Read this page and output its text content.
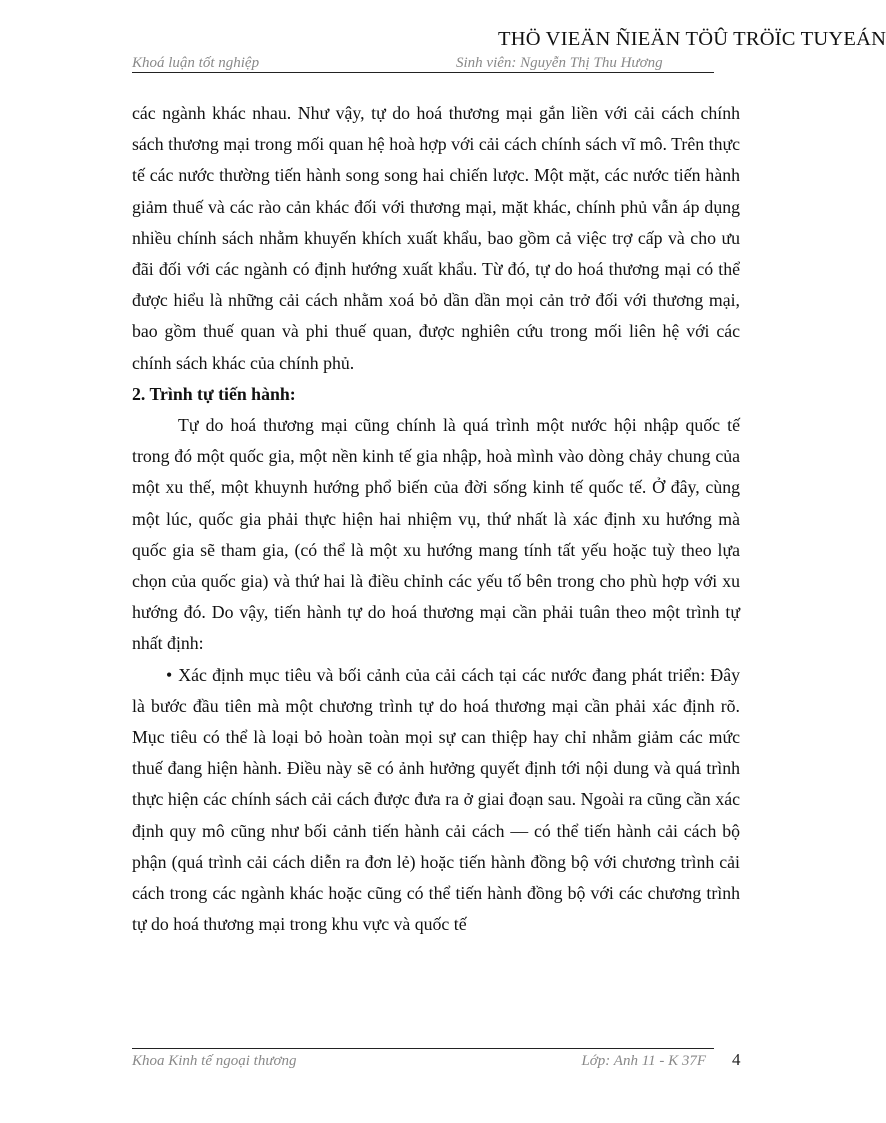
THÖ VIEÄN ÑIEÄN TÖÛ TRÖÏC TUYEÁN
Khoá luận tốt nghiệp	Sinh viên: Nguyễn Thị Thu Hương

các ngành khác nhau. Như vậy, tự do hoá thương mại gắn liền với cải cách chính sách thương mại trong mối quan hệ hoà hợp với cải cách chính sách vĩ mô. Trên thực tế các nước thường tiến hành song song hai chiến lược. Một mặt, các nước tiến hành giảm thuế và các rào cản khác đối với thương mại, mặt khác, chính phủ vẫn áp dụng nhiều chính sách nhằm khuyến khích xuất khẩu, bao gồm cả việc trợ cấp và cho ưu đãi đối với các ngành có định hướng xuất khẩu. Từ đó, tự do hoá thương mại có thể được hiểu là những cải cách nhằm xoá bỏ dần dần mọi cản trở đối với thương mại, bao gồm thuế quan và phi thuế quan, được nghiên cứu trong mối liên hệ với các chính sách khác của chính phủ.

2. Trình tự tiến hành:

Tự do hoá thương mại cũng chính là quá trình một nước hội nhập quốc tế trong đó một quốc gia, một nền kinh tế gia nhập, hoà mình vào dòng chảy chung của một xu thế, một khuynh hướng phổ biến của đời sống kinh tế quốc tế. Ở đây, cùng một lúc, quốc gia phải thực hiện hai nhiệm vụ, thứ nhất là xác định xu hướng mà quốc gia sẽ tham gia, (có thể là một xu hướng mang tính tất yếu hoặc tuỳ theo lựa chọn của quốc gia) và thứ hai là điều chỉnh các yếu tố bên trong cho phù hợp với xu hướng đó. Do vậy, tiến hành tự do hoá thương mại cần phải tuân theo một trình tự nhất định:

• Xác định mục tiêu và bối cảnh của cải cách tại các nước đang phát triển: Đây là bước đầu tiên mà một chương trình tự do hoá thương mại cần phải xác định rõ. Mục tiêu có thể là loại bỏ hoàn toàn mọi sự can thiệp hay chỉ nhằm giảm các mức thuế đang hiện hành. Điều này sẽ có ảnh hưởng quyết định tới nội dung và quá trình thực hiện các chính sách cải cách được đưa ra ở giai đoạn sau. Ngoài ra cũng cần xác định quy mô cũng như bối cảnh tiến hành cải cách — có thể tiến hành cải cách bộ phận (quá trình cải cách diễn ra đơn lẻ) hoặc tiến hành đồng bộ với chương trình cải cách trong các ngành khác hoặc cũng có thể tiến hành đồng bộ với các chương trình tự do hoá thương mại trong khu vực và quốc tế

Khoa Kinh tế ngoại thương	Lớp: Anh 11 - K 37F 4
